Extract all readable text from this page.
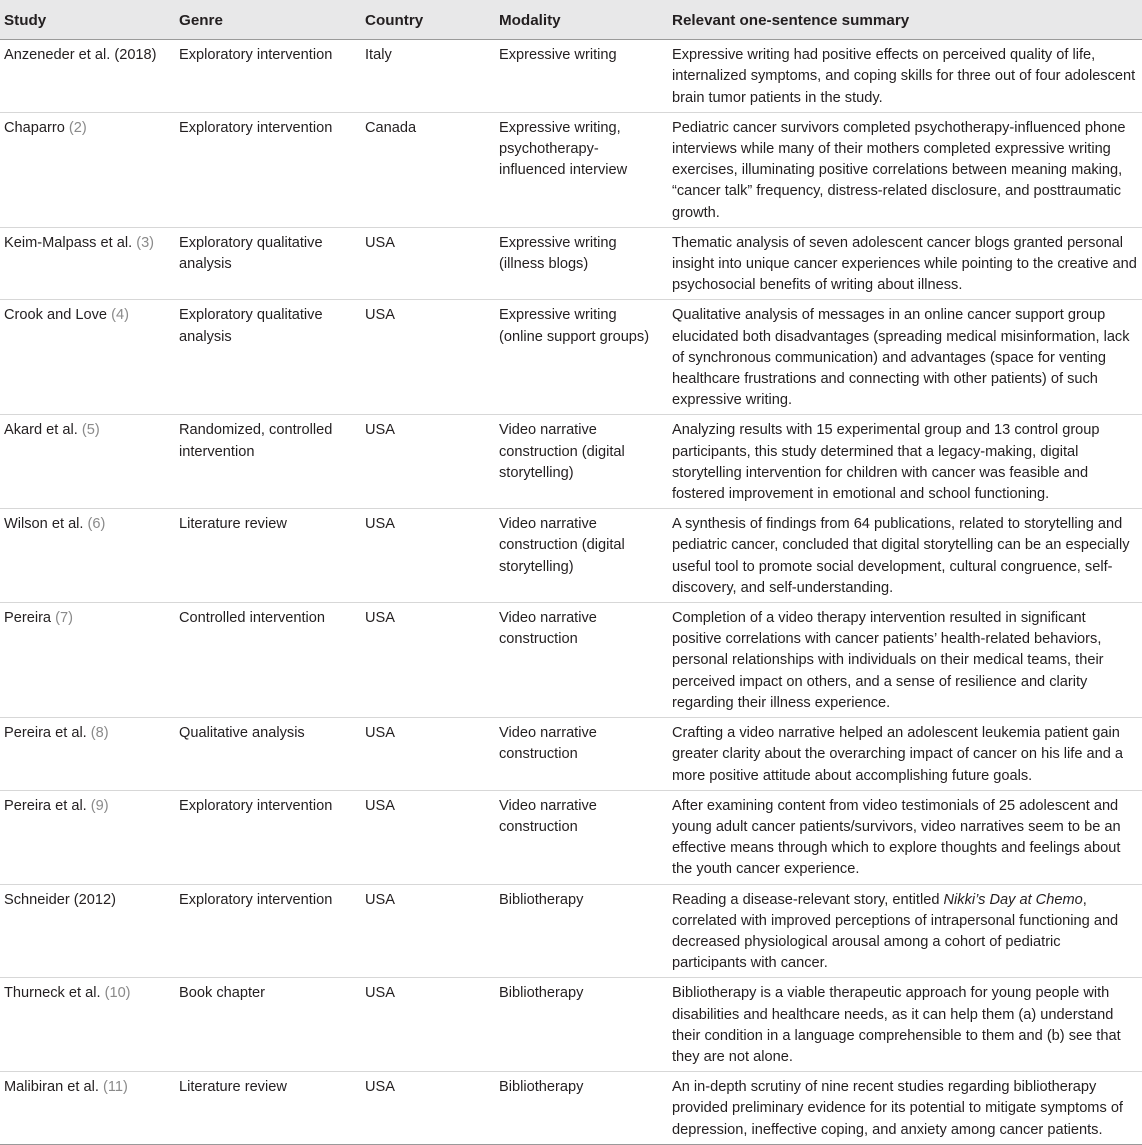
Study	Genre	Country	Modality	Relevant one-sentence summary
Anzeneder et al. (2018)	Exploratory intervention	Italy	Expressive writing	Expressive writing had positive effects on perceived quality of life, internalized symptoms, and coping skills for three out of four adolescent brain tumor patients in the study.
Chaparro (2)	Exploratory intervention	Canada	Expressive writing, psychotherapy-influenced interview	Pediatric cancer survivors completed psychotherapy-influenced phone interviews while many of their mothers completed expressive writing exercises, illuminating positive correlations between meaning making, “cancer talk” frequency, distress-related disclosure, and posttraumatic growth.
Keim-Malpass et al. (3)	Exploratory qualitative analysis	USA	Expressive writing (illness blogs)	Thematic analysis of seven adolescent cancer blogs granted personal insight into unique cancer experiences while pointing to the creative and psychosocial benefits of writing about illness.
Crook and Love (4)	Exploratory qualitative analysis	USA	Expressive writing (online support groups)	Qualitative analysis of messages in an online cancer support group elucidated both disadvantages (spreading medical misinformation, lack of synchronous communication) and advantages (space for venting healthcare frustrations and connecting with other patients) of such expressive writing.
Akard et al. (5)	Randomized, controlled intervention	USA	Video narrative construction (digital storytelling)	Analyzing results with 15 experimental group and 13 control group participants, this study determined that a legacy-making, digital storytelling intervention for children with cancer was feasible and fostered improvement in emotional and school functioning.
Wilson et al. (6)	Literature review	USA	Video narrative construction (digital storytelling)	A synthesis of findings from 64 publications, related to storytelling and pediatric cancer, concluded that digital storytelling can be an especially useful tool to promote social development, cultural congruence, self-discovery, and self-understanding.
Pereira (7)	Controlled intervention	USA	Video narrative construction	Completion of a video therapy intervention resulted in significant positive correlations with cancer patients’ health-related behaviors, personal relationships with individuals on their medical teams, their perceived impact on others, and a sense of resilience and clarity regarding their illness experience.
Pereira et al. (8)	Qualitative analysis	USA	Video narrative construction	Crafting a video narrative helped an adolescent leukemia patient gain greater clarity about the overarching impact of cancer on his life and a more positive attitude about accomplishing future goals.
Pereira et al. (9)	Exploratory intervention	USA	Video narrative construction	After examining content from video testimonials of 25 adolescent and young adult cancer patients/survivors, video narratives seem to be an effective means through which to explore thoughts and feelings about the youth cancer experience.
Schneider (2012)	Exploratory intervention	USA	Bibliotherapy	Reading a disease-relevant story, entitled Nikki’s Day at Chemo, correlated with improved perceptions of intrapersonal functioning and decreased physiological arousal among a cohort of pediatric participants with cancer.
Thurneck et al. (10)	Book chapter	USA	Bibliotherapy	Bibliotherapy is a viable therapeutic approach for young people with disabilities and healthcare needs, as it can help them (a) understand their condition in a language comprehensible to them and (b) see that they are not alone.
Malibiran et al. (11)	Literature review	USA	Bibliotherapy	An in-depth scrutiny of nine recent studies regarding bibliotherapy provided preliminary evidence for its potential to mitigate symptoms of depression, ineffective coping, and anxiety among cancer patients.
